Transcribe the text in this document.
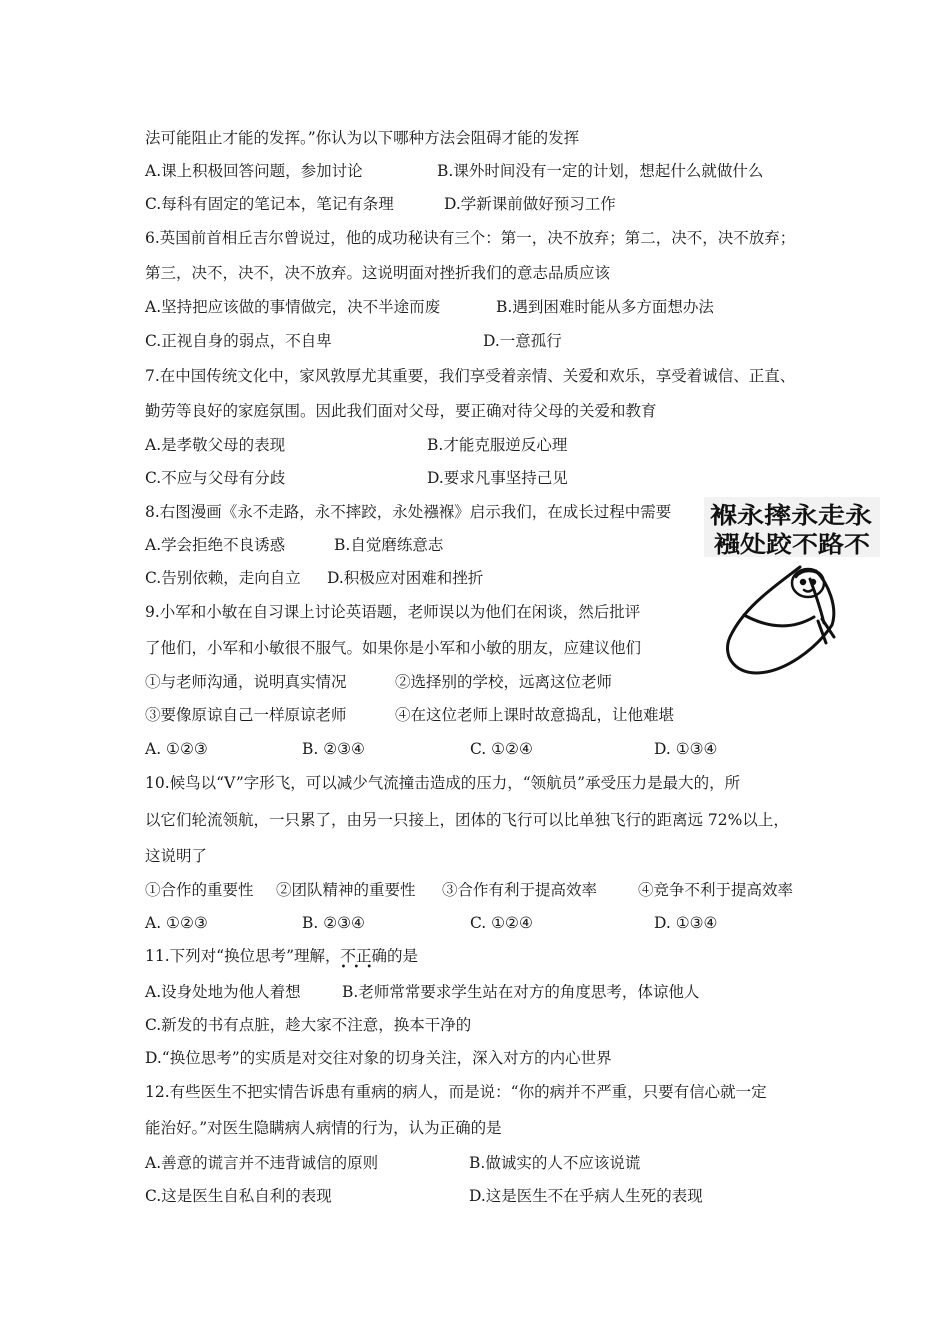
法可能阻止才能的发挥。”你认为以下哪种方法会阻碍才能的发挥
A.课上积极回答问题，参加讨论	B.课外时间没有一定的计划，想起什么就做什么
C.每科有固定的笔记本，笔记有条理	D.学新课前做好预习工作
6.英国前首相丘吉尔曾说过，他的成功秘诀有三个：第一，决不放弃；第二，决不，决不放弃；
第三，决不，决不，决不放弃。这说明面对挫折我们的意志品质应该
A.坚持把应该做的事情做完，决不半途而废	B.遇到困难时能从多方面想办法
C.正视自身的弱点，不自卑	D.一意孤行
7.在中国传统文化中，家风敦厚尤其重要，我们享受着亲情、关爱和欢乐，享受着诚信、正直、
勤劳等良好的家庭氛围。因此我们面对父母，要正确对待父母的关爱和教育
A.是孝敬父母的表现	B.才能克服逆反心理
C.不应与父母有分歧	D.要求凡事坚持己见
8.右图漫画《永不走路，永不摔跤，永处襁褓》启示我们，在成长过程中需要
A.学会拒绝不良诱惑	B.自觉磨练意志
C.告别依赖，走向自立 D.积极应对困难和挫折
9.小军和小敏在自习课上讨论英语题，老师误以为他们在闲谈，然后批评
了他们，小军和小敏很不服气。如果你是小军和小敏的朋友，应建议他们
①与老师沟通，说明真实情况	②选择别的学校，远离这位老师
③要像原谅自己一样原谅老师	④在这位老师上课时故意捣乱，让他难堪
A. ①②③	B. ②③④	C. ①②④	D. ①③④
10.候鸟以“V”字形飞，可以减少气流撞击造成的压力，“领航员”承受压力是最大的，所
以它们轮流领航，一只累了，由另一只接上，团体的飞行可以比单独飞行的距离远 72%以上，
这说明了
①合作的重要性 ②团队精神的重要性 ③合作有利于提高效率	④竞争不利于提高效率
A. ①②③	B. ②③④	C. ①②④	D. ①③④
11.下列对“换位思考”理解，不正确
•••
的是
A.设身处地为他人着想	B.老师常常要求学生站在对方的角度思考，体谅他人
C.新发的书有点脏，趁大家不注意，换本干净的
D.“换位思考”的实质是对交往对象的切身关注，深入对方的内心世界
12.有些医生不把实情告诉患有重病的病人，而是说：“你的病并不严重，只要有信心就一定
能治好。”对医生隐瞒病人病情的行为，认为正确的是
A.善意的谎言并不违背诚信的原则	B.做诚实的人不应该说谎
C.这是医生自私自利的表现	D.这是医生不在乎病人生死的表现
褓永摔永走永
襁处跤不路不
